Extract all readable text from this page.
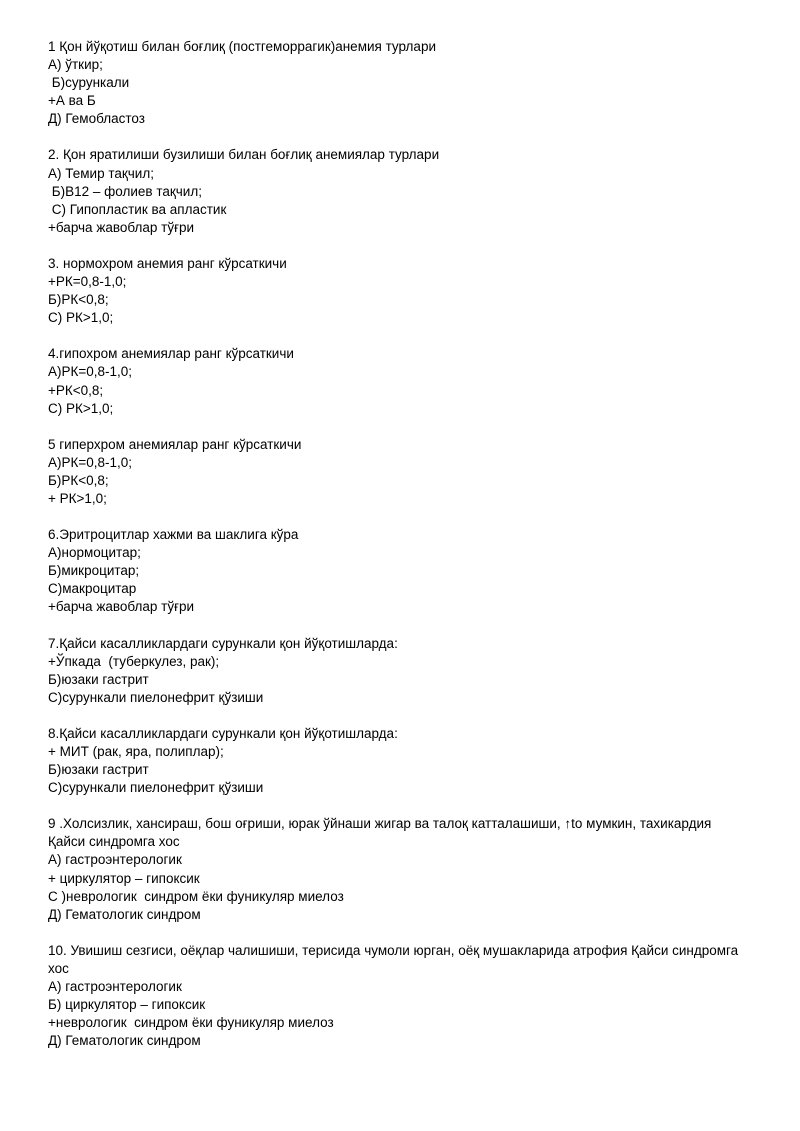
1 Қон йўқотиш билан боғлиқ (постгеморрагик)анемия турлари

А) ўткир;

Б)сурункали

+А ва Б

Д) Гемобластоз

2. Қон яратилиши бузилиши билан боғлиқ анемиялар турлари

А) Темир тақчил;

Б)В12 – фолиев тақчил;

С) Гипопластик ва апластик

+барча жавоблар тўғри

3. нормохром анемия ранг кўрсаткичи

+РК=0,8-1,0;

Б)РК<0,8;

С) РК>1,0;

4.гипохром анемиялар ранг кўрсаткичи

А)РК=0,8-1,0;

+РК<0,8;

С) РК>1,0;

5 гиперхром анемиялар ранг кўрсаткичи

А)РК=0,8-1,0;

Б)РК<0,8;

+ РК>1,0;

6.Эритроцитлар хажми ва шаклига кўра

А)нормоцитар;

Б)микроцитар;

С)макроцитар

+барча жавоблар тўғри

7.Қайси касалликлардаги сурункали қон йўқотишларда:

+Ўпкада  (туберкулез, рак);

Б)юзаки гастрит

С)сурункали пиелонефрит қўзиши

8.Қайси касалликлардаги сурункали қон йўқотишларда:

+ МИТ (рак, яра, полиплар);

Б)юзаки гастрит

С)сурункали пиелонефрит қўзиши

9 .Холсизлик, хансираш, бош оғриши, юрак ўйнаши жигар ва талоқ катталашиши, ↑tо мумкин, тахикардия

Қайси синдромга хос

А) гастроэнтерологик

+ циркулятор – гипоксик

С )неврологик  синдром ёки фуникуляр миелоз

Д) Гематологик синдром

10. Увишиш сезгиси, оёқлар чалишиши, терисида чумоли юрган, оёқ мушакларида атрофия Қайси синдромга

хос

А) гастроэнтерологик

Б) циркулятор – гипоксик

+неврологик  синдром ёки фуникуляр миелоз

Д) Гематологик синдром
